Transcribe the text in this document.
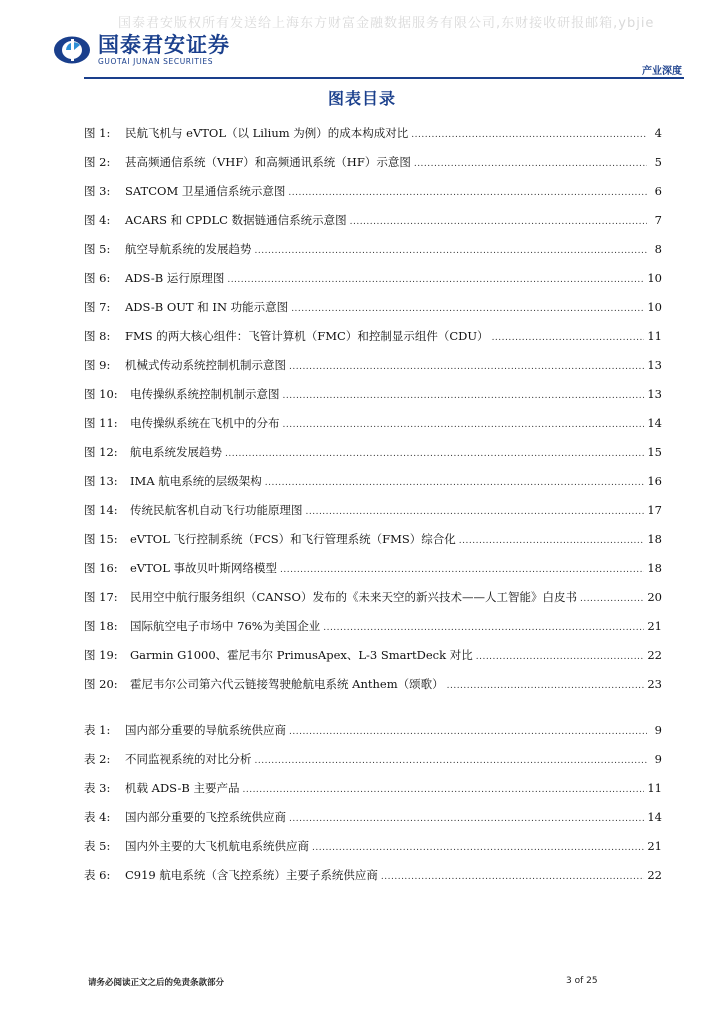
国泰君安版权所有发送给上海东方财富金融数据服务有限公司,东财接收研报邮箱,ybjie
国泰君安证券
GUOTAI JUNAN SECURITIES
产业深度
图表目录
图 1:	民航飞机与 eVTOL（以 Lilium 为例）的成本构成对比 .....	4
图 2:	甚高频通信系统（VHF）和高频通讯系统（HF）示意图 .....	5
图 3:	SATCOM 卫星通信系统示意图 .....	6
图 4:	ACARS 和 CPDLC 数据链通信系统示意图 .....	7
图 5:	航空导航系统的发展趋势 .....	8
图 6:	ADS-B 运行原理图 .....	10
图 7:	ADS-B OUT 和 IN 功能示意图 .....	10
图 8:	FMS 的两大核心组件：飞管计算机（FMC）和控制显示组件（CDU） .....	11
图 9:	机械式传动系统控制机制示意图 .....	13
图 10:	电传操纵系统控制机制示意图 .....	13
图 11:	电传操纵系统在飞机中的分布 .....	14
图 12:	航电系统发展趋势 .....	15
图 13:	IMA 航电系统的层级架构 .....	16
图 14:	传统民航客机自动飞行功能原理图 .....	17
图 15:	eVTOL 飞行控制系统（FCS）和飞行管理系统（FMS）综合化 .....	18
图 16:	eVTOL 事故贝叶斯网络模型 .....	18
图 17:	民用空中航行服务组织（CANSO）发布的《未来天空的新兴技术——人工智能》白皮书 .....	20
图 18:	国际航空电子市场中 76%为美国企业 .....	21
图 19:	Garmin G1000、霍尼韦尔 PrimusApex、L-3 SmartDeck 对比 .....	22
图 20:	霍尼韦尔公司第六代云链接驾驶舱航电系统 Anthem（颂歌） .....	23
表 1:	国内部分重要的导航系统供应商 .....	9
表 2:	不同监视系统的对比分析 .....	9
表 3:	机载 ADS-B 主要产品 .....	11
表 4:	国内部分重要的飞控系统供应商 .....	14
表 5:	国内外主要的大飞机航电系统供应商 .....	21
表 6:	C919 航电系统（含飞控系统）主要子系统供应商 .....	22
请务必阅读正文之后的免责条款部分	3 of 25
